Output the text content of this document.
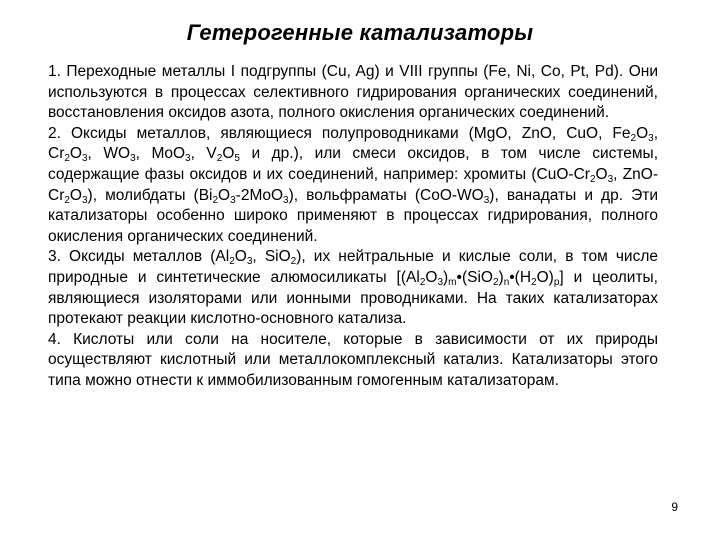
Гетерогенные катализаторы

1. Переходные металлы I подгруппы (Cu, Ag) и VIII группы (Fe, Ni, Co, Pt, Pd). Они используются в процессах селективного гидрирования органических соединений, восстановления оксидов азота, полного окисления органических соединений.

2. Оксиды металлов, являющиеся полупроводниками (MgO, ZnO, CuO, $Fe_2O_3$, $Cr_2O_3$, $WO_3$, MoO$_3$, $V_2O_5$ и др.), или смеси оксидов, в том числе системы, содержащие фазы оксидов и их соединений, например: хромиты ($CuO-Cr_2O_3$, ZnO-$Cr_2O_3$), молибдаты $(Bi_2O_3-2MoO_3)$, вольфраматы $(CoO-WO_3)$, ванадаты и др. Эти катализаторы особенно широко применяют в процессах гидрирования, полного окисления органических соединений.

3. Оксиды металлов ($Al_2O_3$, SiO$_2$), их нейтральные и кислые соли, в том числе природные и синтетические алюмосиликаты $[(Al_2O_3)_m•(SiO_2)_n•(H_2O)_p]$ и цеолиты, являющиеся изоляторами или ионными проводниками. На таких катализаторах протекают реакции кислотно-основного катализа.

4. Кислоты или соли на носителе, которые в зависимости от их природы осуществляют кислотный или металлокомплексный катализ. Катализаторы этого типа можно отнести к иммобилизованным гомогенным катализаторам.

9
